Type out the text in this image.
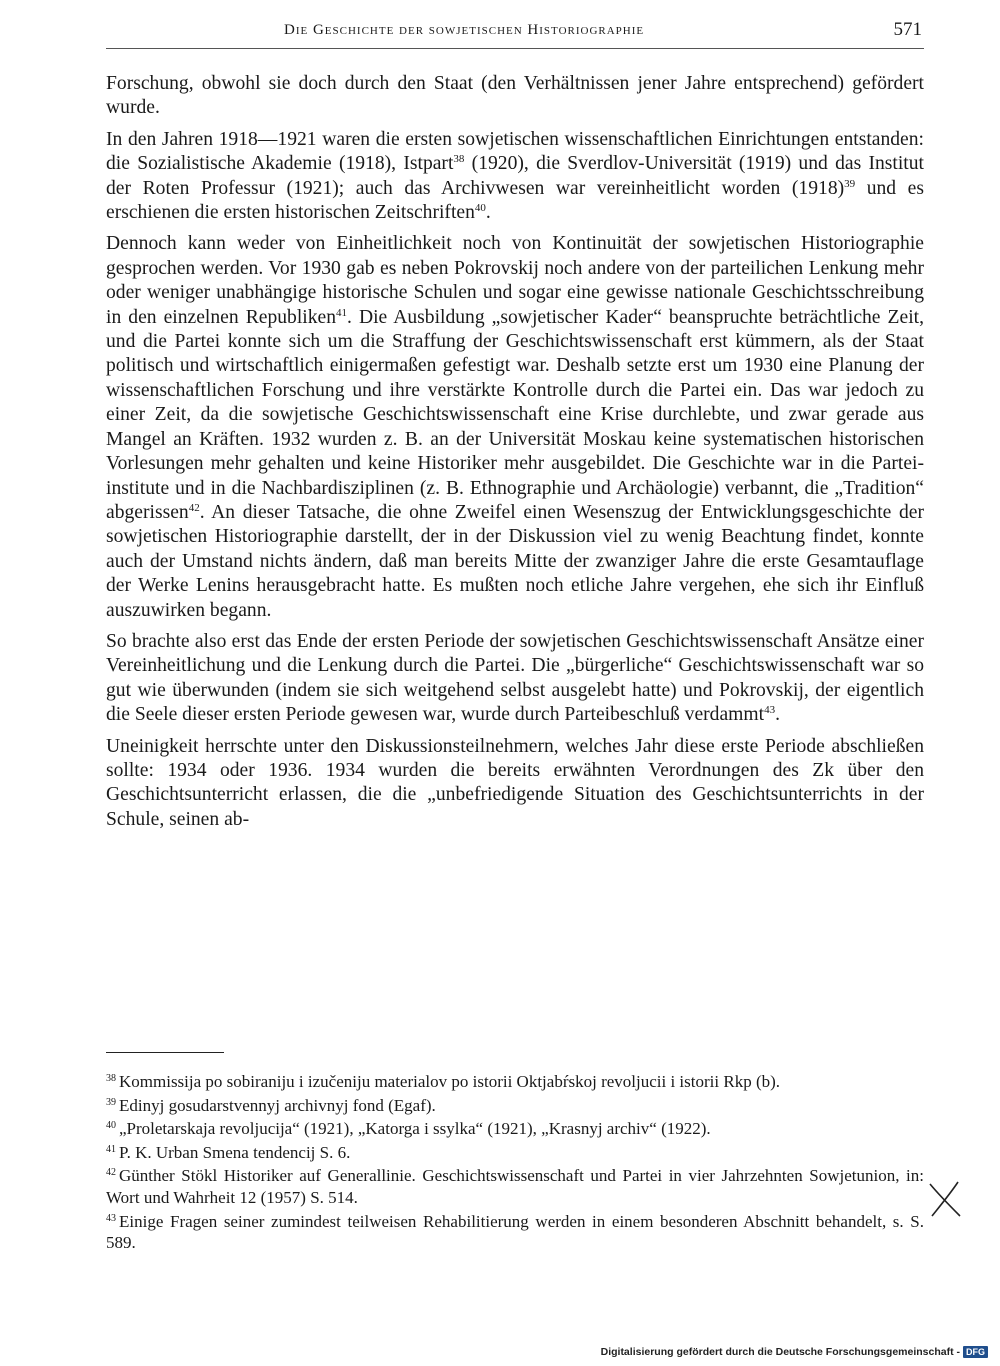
Die Geschichte der sowjetischen Historiographie	571

Forschung, obwohl sie doch durch den Staat (den Verhältnissen jener Jahre entsprechend) gefördert wurde.

In den Jahren 1918—1921 waren die ersten sowjetischen wissenschaftlichen Einrichtungen entstanden: die Sozialistische Akademie (1918), Istpart$^{38}$ (1920), die Sverdlov-Universität (1919) und das Institut der Roten Professur (1921); auch das Archivwesen war vereinheitlicht worden $(1918)^{39}$ und es erschienen die ersten historischen Zeitschriften$^{40}$.

Dennoch kann weder von Einheitlichkeit noch von Kontinuität der sowjetischen Historiographie gesprochen werden. Vor 1930 gab es neben Pokrovskij noch andere von der parteilichen Lenkung mehr oder weniger unabhängige historische Schulen und sogar eine gewisse nationale Geschichtsschreibung in den einzelnen Republiken$^{41}$. Die Ausbildung „sowjetischer Kader“ beanspruchte beträchtliche Zeit, und die Partei konnte sich um die Straffung der Geschichtswissenschaft erst kümmern, als der Staat politisch und wirtschaftlich einigermaßen gefestigt war. Deshalb setzte erst um 1930 eine Planung der wissenschaftlichen Forschung und ihre verstärkte Kontrolle durch die Partei ein. Das war jedoch zu einer Zeit, da die sowjetische Geschichtswissenschaft eine Krise durchlebte, und zwar gerade aus Mangel an Kräften. 1932 wurden z. B. an der Universität Moskau keine systematischen historischen Vorlesungen mehr gehalten und keine Historiker mehr ausgebildet. Die Geschichte war in die Parteiinstitute und in die Nachbardisziplinen (z. B. Ethnographie und Archäologie) verbannt, die „Tradition“ abgerissen$^{42}$. An dieser Tatsache, die ohne Zweifel einen Wesenszug der Entwicklungsgeschichte der sowjetischen Historiographie darstellt, der in der Diskussion viel zu wenig Beachtung findet, konnte auch der Umstand nichts ändern, daß man bereits Mitte der zwanziger Jahre die erste Gesamtauflage der Werke Lenins herausgebracht hatte. Es mußten noch etliche Jahre vergehen, ehe sich ihr Einfluß auszuwirken begann.

So brachte also erst das Ende der ersten Periode der sowjetischen Geschichtswissenschaft Ansätze einer Vereinheitlichung und die Lenkung durch die Partei. Die „bürgerliche“ Geschichtswissenschaft war so gut wie überwunden (indem sie sich weitgehend selbst ausgelebt hatte) und Pokrovskij, der eigentlich die Seele dieser ersten Periode gewesen war, wurde durch Parteibeschluß verdammt$^{43}$.

Uneinigkeit herrschte unter den Diskussionsteilnehmern, welches Jahr diese erste Periode abschließen sollte: 1934 oder 1936. 1934 wurden die bereits erwähnten Verordnungen des Zk über den Geschichtsunterricht erlassen, die die „unbefriedigende Situation des Geschichtsunterrichts in der Schule, seinen ab-

$^{38}$ Kommissija po sobiraniju i izučeniju materialov po istorii Oktjabŕskoj revoljucii i istorii Rkp (b).

$^{39}$ Edinyj gosudarstvennyj archivnyj fond (Egaf).

$^{40}$ „Proletarskaja revoljucija“ (1921), „Katorga i ssylka“ (1921), „Krasnyj archiv“ (1922).

$^{41}$ P. K. Urban Smena tendencij S. 6.

$^{42}$ Günther Stökl Historiker auf Generallinie. Geschichtswissenschaft und Partei in vier Jahrzehnten Sowjetunion, in: Wort und Wahrheit 12 (1957) S. 514.

$^{43}$ Einige Fragen seiner zumindest teilweisen Rehabilitierung werden in einem besonderen Abschnitt behandelt, s. S. 589.

Digitalisierung gefördert durch die Deutsche Forschungsgemeinschaft - DFG
